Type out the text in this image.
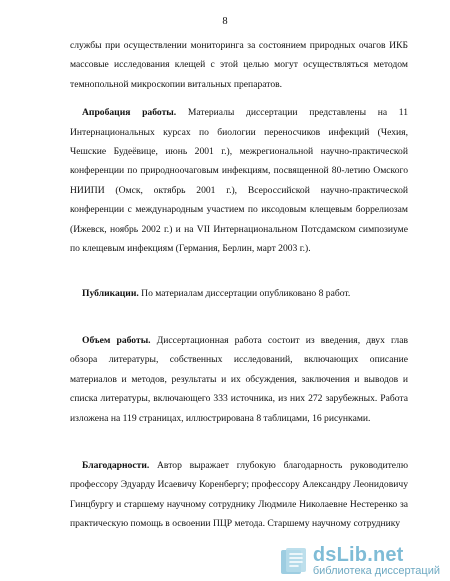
8

службы при осуществлении мониторинга за состоянием природных очагов ИКБ массовые исследования клещей с этой целью могут осуществляться методом темнопольной микроскопии витальных препаратов.

Апробация работы. Материалы диссертации представлены на 11 Интернациональных курсах по биологии переносчиков инфекций (Чехия, Чешские Будеёвице, июнь 2001 г.), межрегиональной научно-практической конференции по природноочаговым инфекциям, посвященной 80-летию Омского НИИПИ (Омск, октябрь 2001 г.), Всероссийской научно-практической конференции с международным участием по иксодовым клещевым боррелиозам (Ижевск, ноябрь 2002 г.) и на VII Интернациональном Потсдамском симпозиуме по клещевым инфекциям (Германия, Берлин, март 2003 г.).

Публикации. По материалам диссертации опубликовано 8 работ.

Объем работы. Диссертационная работа состоит из введения, двух глав обзора литературы, собственных исследований, включающих описание материалов и методов, результаты и их обсуждения, заключения и выводов и списка литературы, включающего 333 источника, из них 272 зарубежных. Работа изложена на 119 страницах, иллюстрирована 8 таблицами, 16 рисунками.

Благодарности. Автор выражает глубокую благодарность руководителю профессору Эдуарду Исаевичу Коренбергу; профессору Александру Леонидовичу Гинцбургу и старшему научному сотруднику Людмиле Николаевне Нестеренко за практическую помощь в освоении ПЦР метода. Старшему научному сотруднику

dsLib.net
библиотека диссертаций
